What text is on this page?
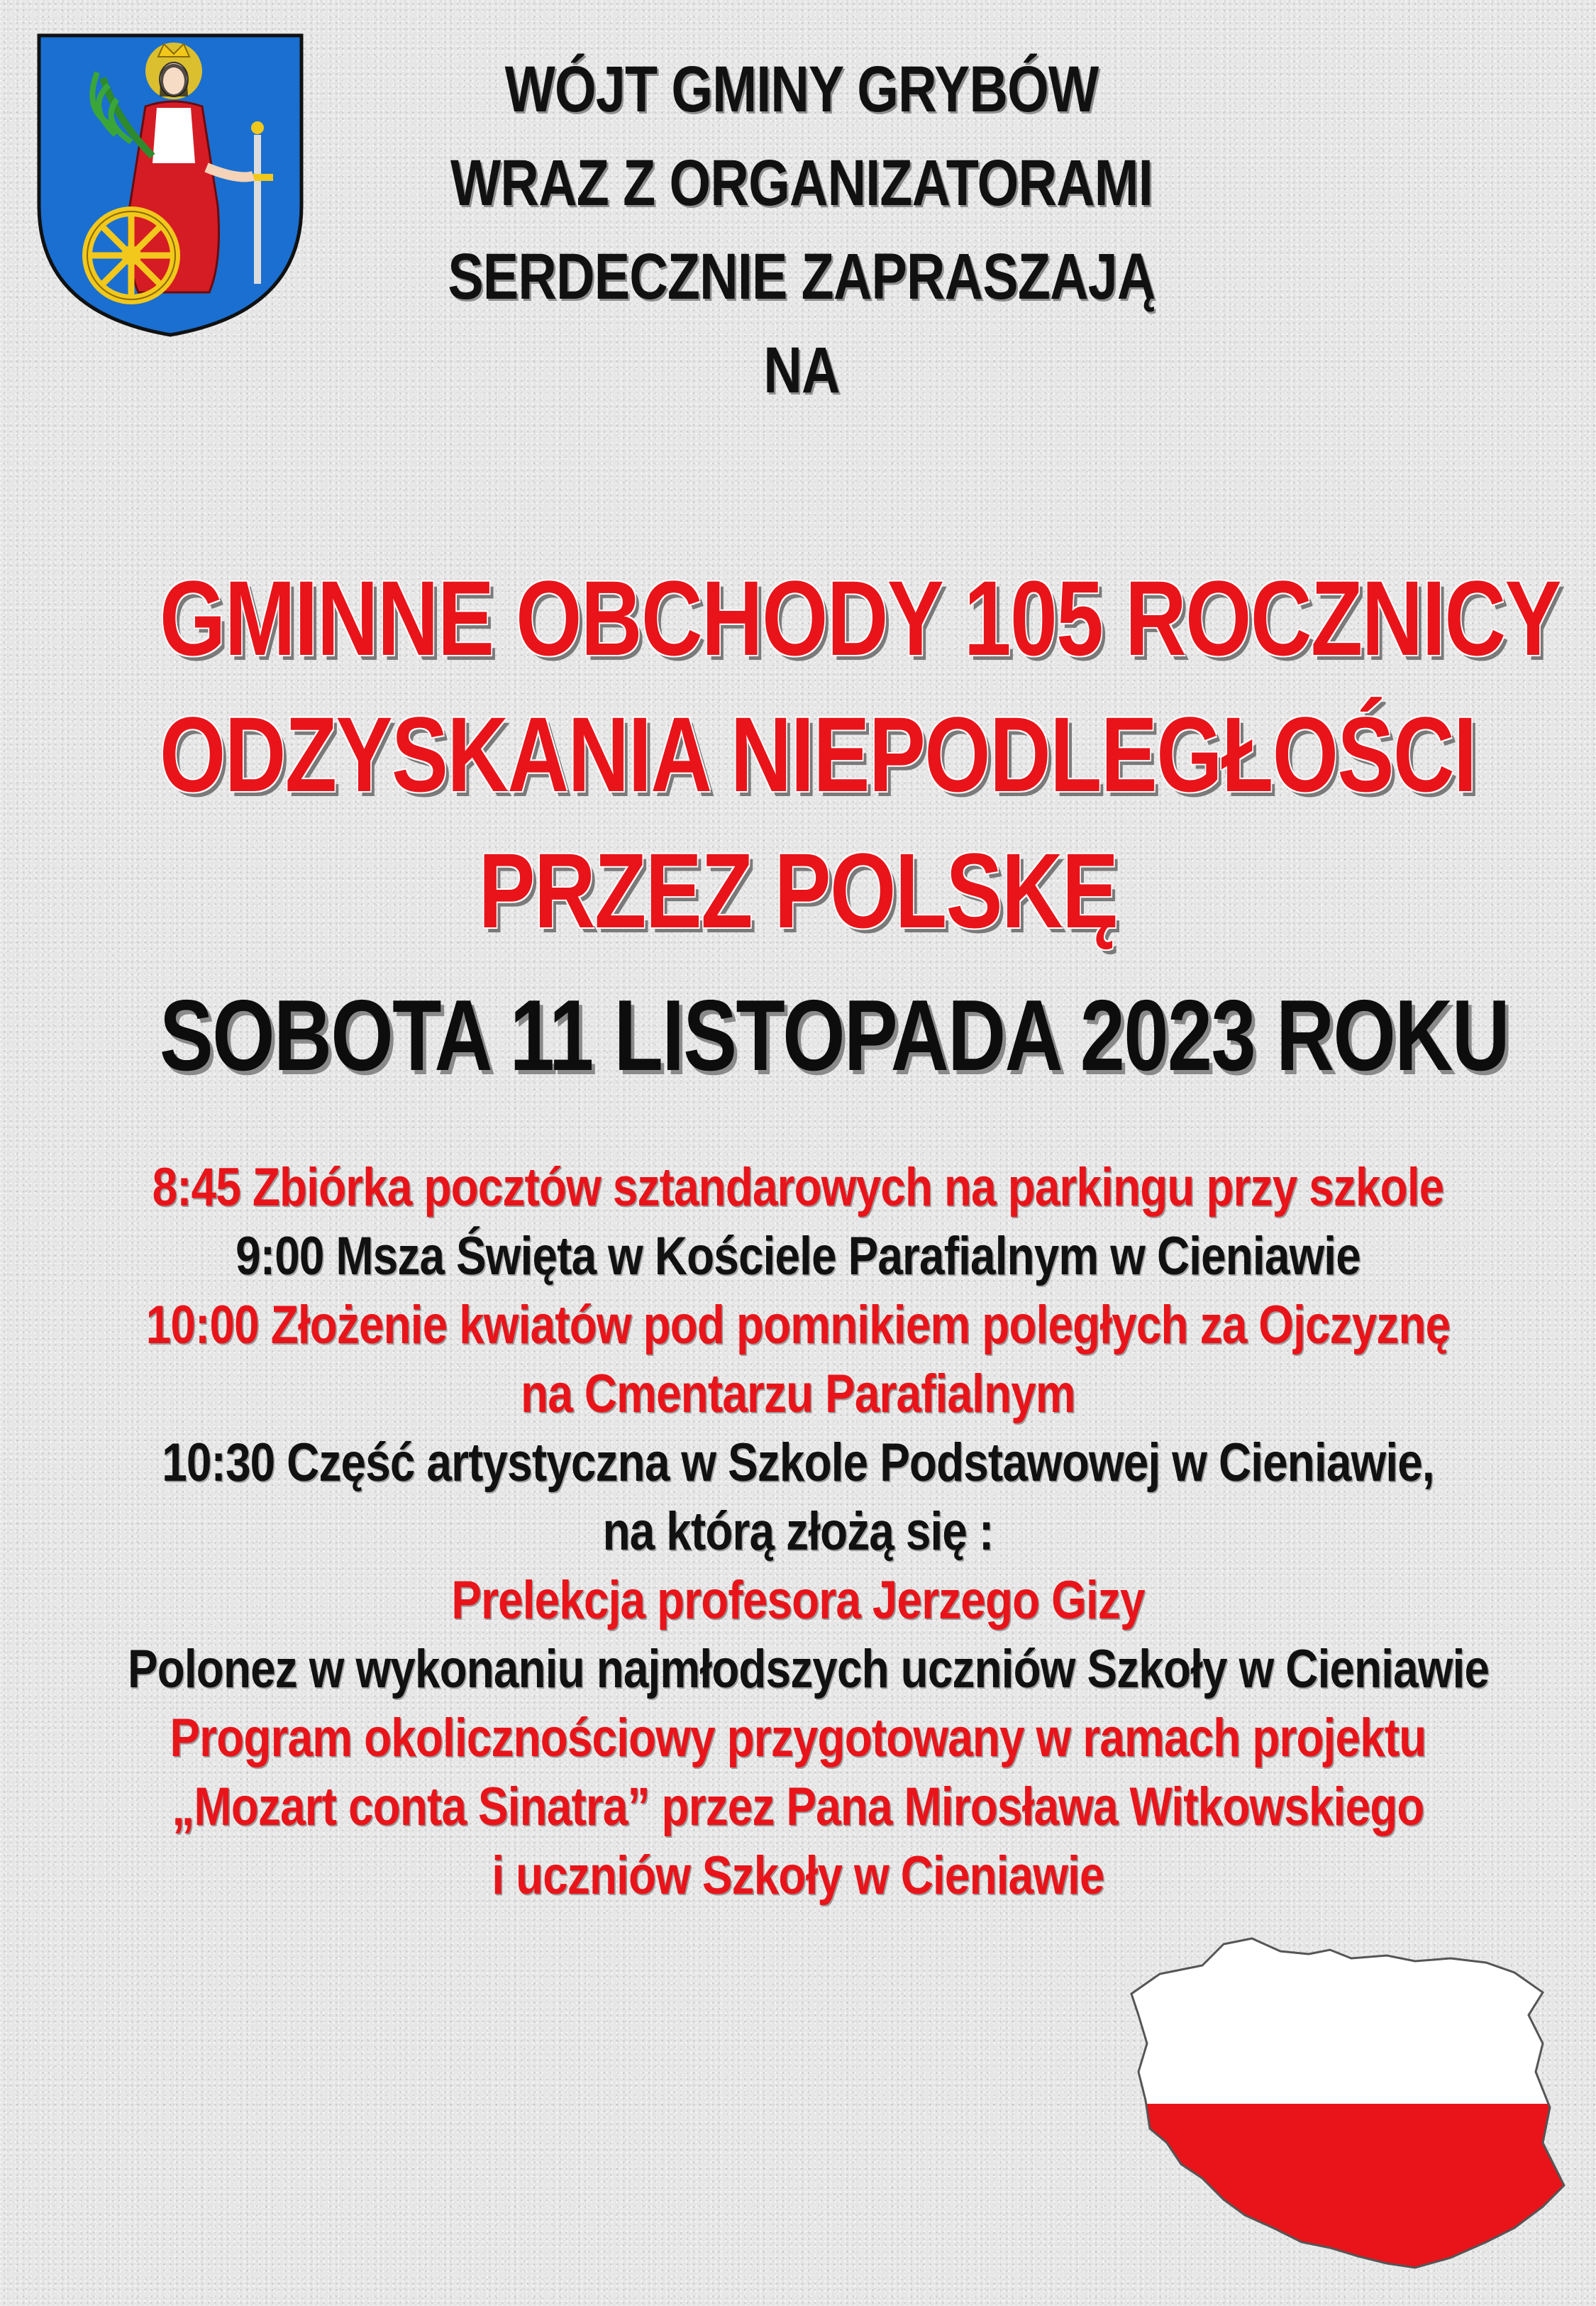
WÓJT GMINY GRYBÓW
WRAZ Z ORGANIZATORAMI
SERDECZNIE ZAPRASZAJĄ
NA
GMINNE OBCHODY 105 ROCZNICY
ODZYSKANIA NIEPODLEGŁOŚCI
PRZEZ POLSKĘ
SOBOTA 11 LISTOPADA 2023 ROKU
8:45 Zbiórka pocztów sztandarowych na parkingu przy szkole
9:00 Msza Święta w Kościele Parafialnym w Cieniawie
10:00 Złożenie kwiatów pod pomnikiem poległych za Ojczyznę
na Cmentarzu Parafialnym
10:30 Część artystyczna w Szkole Podstawowej w Cieniawie,
na którą złożą się :
Prelekcja profesora Jerzego Gizy
Polonez w wykonaniu najmłodszych uczniów Szkoły w Cieniawie
Program okolicznościowy przygotowany w ramach projektu
„Mozart conta Sinatra” przez Pana Mirosława Witkowskiego
i uczniów Szkoły w Cieniawie
